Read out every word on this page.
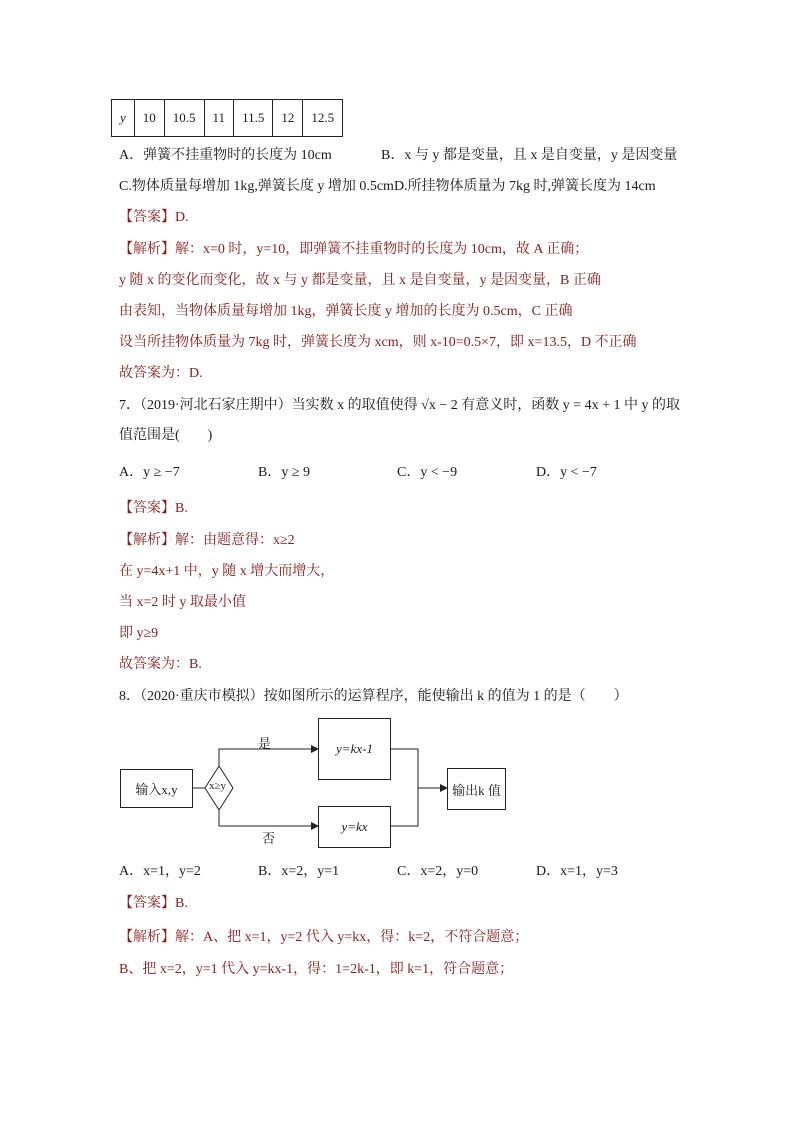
y	10	10.5	11	11.5	12	12.5
A．弹簧不挂重物时的长度为 10cm	B．x 与 y 都是变量，且 x 是自变量，y 是因变量
C.物体质量每增加 1kg,弹簧长度 y 增加 0.5cmD.所挂物体质量为 7kg 时,弹簧长度为 14cm
【答案】D.
【解析】解：x=0 时，y=10，即弹簧不挂重物时的长度为 10cm，故 A 正确；
y 随 x 的变化而变化，故 x 与 y 都是变量，且 x 是自变量，y 是因变量，B 正确
由表知，当物体质量每增加 1kg，弹簧长度 y 增加的长度为 0.5cm，C 正确
设当所挂物体质量为 7kg 时，弹簧长度为 xcm，则 x-10=0.5×7，即 x=13.5，D 不正确
故答案为：D.
7．（2019·河北石家庄期中）当实数 x 的取值使得 √x − 2 有意义时，函数 y = 4x + 1 中 y 的取
值范围是(　　)
A．y ≥ −7	B．y ≥ 9	C．y < −9	D．y < −7
【答案】B.
【解析】解：由题意得：x≥2
在 y=4x+1 中，y 随 x 增大而增大，
当 x=2 时 y 取最小值
即 y≥9
故答案为：B.
8．（2020·重庆市模拟）按如图所示的运算程序，能使输出 k 的值为 1 的是（　　）
输入x,y	x≥y
是
否
y=kx-1
y=kx
输出k 值
A．x=1，y=2	B．x=2，y=1	C．x=2，y=0	D．x=1，y=3
【答案】B.
【解析】解：A、把 x=1，y=2 代入 y=kx，得：k=2，不符合题意；
B、把 x=2，y=1 代入 y=kx-1，得：1=2k-1，即 k=1，符合题意；
